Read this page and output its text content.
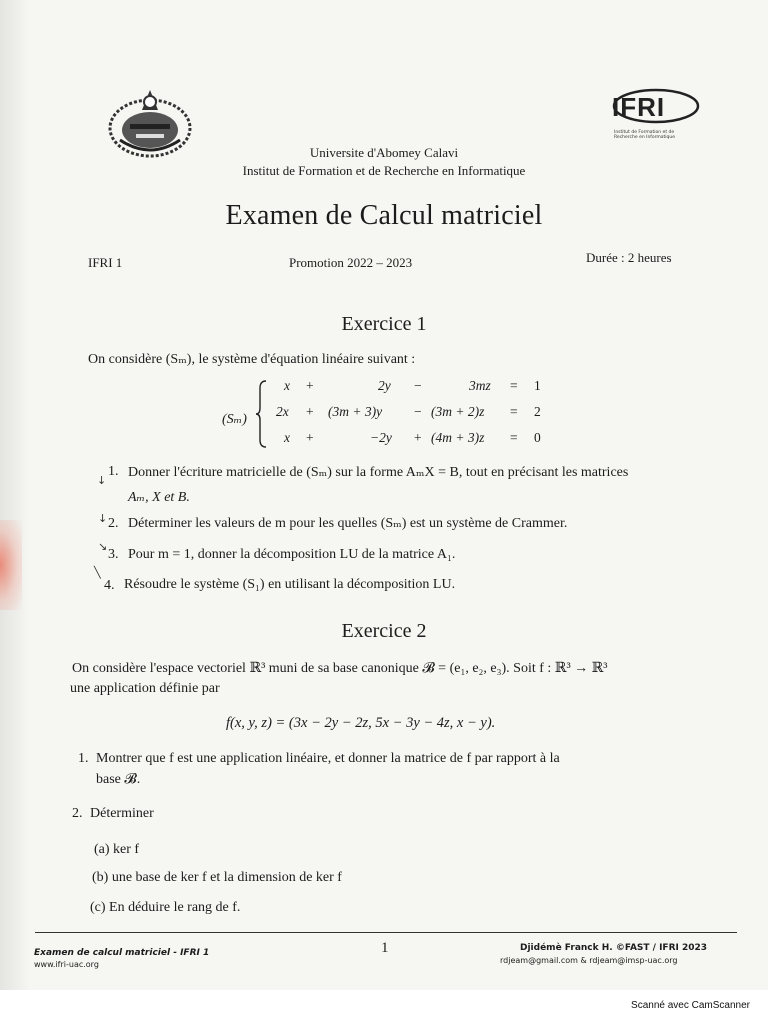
IFRI
Institut de Formation et de Recherche en Informatique
Universite d'Abomey Calavi
Institut de Formation et de Recherche en Informatique
Examen de Calcul matriciel
IFRI 1	Promotion 2022 – 2023	Durée : 2 heures
Exercice 1
On considère (Sₘ), le système d'équation linéaire suivant :
(Sₘ)
x +	2y −	3mz = 1
2x + (3m + 3)y − (3m + 2)z = 2
x +	−2y + (4m + 3)z = 0
↓
1. Donner l'écriture matricielle de (Sₘ) sur la forme AₘX = B, tout en précisant les matrices
Aₘ, X et B.
↓ 2. Déterminer les valeurs de m pour les quelles (Sₘ) est un système de Crammer.
↘
3. Pour m = 1, donner la décomposition LU de la matrice A₁.
╲
4. Résoudre le système (S₁) en utilisant la décomposition LU.
Exercice 2
On considère l'espace vectoriel ℝ³ muni de sa base canonique 𝓑 = (e₁, e₂, e₃). Soit f : ℝ³ → ℝ³
une application définie par
f(x, y, z) = (3x − 2y − 2z, 5x − 3y − 4z, x − y).
1. Montrer que f est une application linéaire, et donner la matrice de f par rapport à la
base 𝓑.
2. Déterminer
(a) ker f
(b) une base de ker f et la dimension de ker f
(c) En déduire le rang de f.
Examen de calcul matriciel - IFRI 1
www.ifri-uac.org
1	Djidémè Franck H. ©FAST / IFRI 2023
rdjeam@gmail.com & rdjeam@imsp-uac.org
Scanné avec CamScanner
